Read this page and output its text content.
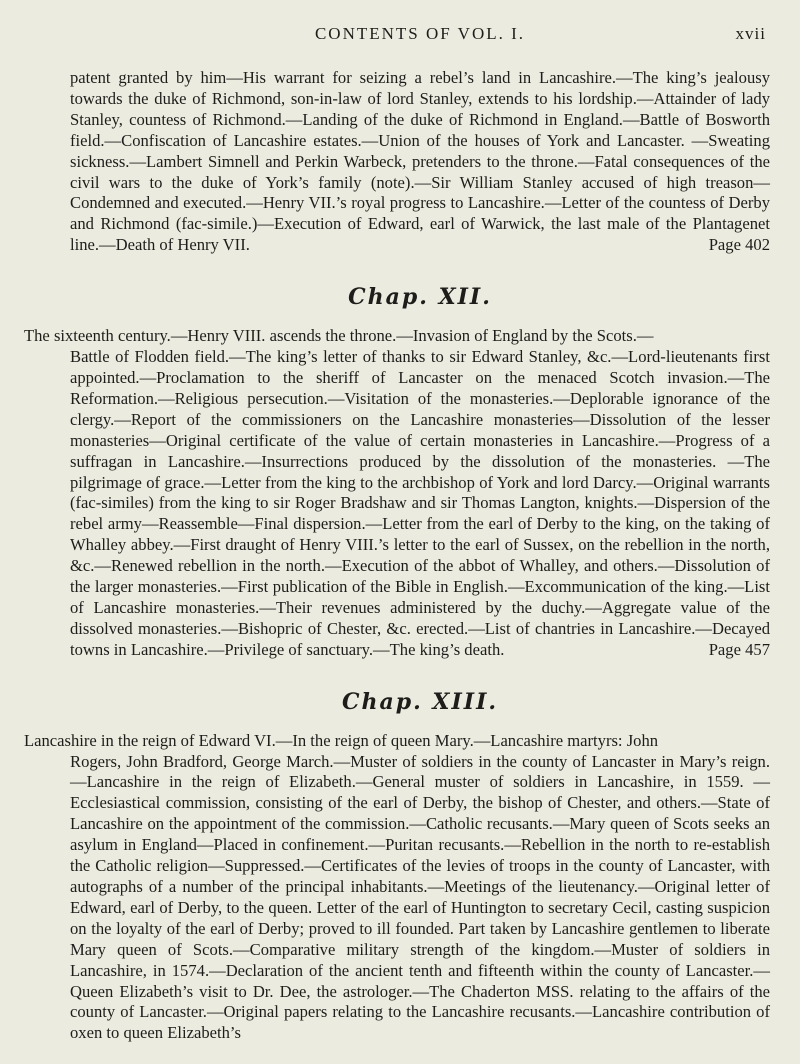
CONTENTS OF VOL. I.	xvii

patent granted by him—His warrant for seizing a rebel’s land in Lancashire.—The king’s jealousy towards the duke of Richmond, son-in-law of lord Stanley, extends to his lordship.—Attainder of lady Stanley, countess of Richmond.—Landing of the duke of Richmond in England.—Battle of Bosworth field.—Confiscation of Lancashire estates.—Union of the houses of York and Lancaster. —Sweating sickness.—Lambert Simnell and Perkin Warbeck, pretenders to the throne.—Fatal consequences of the civil wars to the duke of York’s family (note).—Sir William Stanley accused of high treason—Condemned and executed.—Henry VII.’s royal progress to Lancashire.—Letter of the countess of Derby and Richmond (fac-simile.)—Execution of Edward, earl of Warwick, the last male of the Plantagenet line.—Death of Henry VII.	Page 402

Chap. XII.

The sixteenth century.—Henry VIII. ascends the throne.—Invasion of England by the Scots.—
Battle of Flodden field.—The king’s letter of thanks to sir Edward Stanley, &c.—Lord-lieutenants first appointed.—Proclamation to the sheriff of Lancaster on the menaced Scotch invasion.—The Reformation.—Religious persecution.—Visitation of the monasteries.—Deplorable ignorance of the clergy.—Report of the commissioners on the Lancashire monasteries—Dissolution of the lesser monasteries—Original certificate of the value of certain monasteries in Lancashire.—Progress of a suffragan in Lancashire.—Insurrections produced by the dissolution of the monasteries. —The pilgrimage of grace.—Letter from the king to the archbishop of York and lord Darcy.—Original warrants (fac-similes) from the king to sir Roger Bradshaw and sir Thomas Langton, knights.—Dispersion of the rebel army—Reassemble—Final dispersion.—Letter from the earl of Derby to the king, on the taking of Whalley abbey.—First draught of Henry VIII.’s letter to the earl of Sussex, on the rebellion in the north, &c.—Renewed rebellion in the north.—Execution of the abbot of Whalley, and others.—Dissolution of the larger monasteries.—First publication of the Bible in English.—Excommunication of the king.—List of Lancashire monasteries.—Their revenues administered by the duchy.—Aggregate value of the dissolved monasteries.—Bishopric of Chester, &c. erected.—List of chantries in Lancashire.—Decayed towns in Lancashire.—Privilege of sanctuary.—The king’s death.	Page 457

Chap. XIII.

Lancashire in the reign of Edward VI.—In the reign of queen Mary.—Lancashire martyrs: John
Rogers, John Bradford, George March.—Muster of soldiers in the county of Lancaster in Mary’s reign.—Lancashire in the reign of Elizabeth.—General muster of soldiers in Lancashire, in 1559. —Ecclesiastical commission, consisting of the earl of Derby, the bishop of Chester, and others.—State of Lancashire on the appointment of the commission.—Catholic recusants.—Mary queen of Scots seeks an asylum in England—Placed in confinement.—Puritan recusants.—Rebellion in the north to re-establish the Catholic religion—Suppressed.—Certificates of the levies of troops in the county of Lancaster, with autographs of a number of the principal inhabitants.—Meetings of the lieutenancy.—Original letter of Edward, earl of Derby, to the queen. Letter of the earl of Huntington to secretary Cecil, casting suspicion on the loyalty of the earl of Derby; proved to ill founded. Part taken by Lancashire gentlemen to liberate Mary queen of Scots.—Comparative military strength of the kingdom.—Muster of soldiers in Lancashire, in 1574.—Declaration of the ancient tenth and fifteenth within the county of Lancaster.—Queen Elizabeth’s visit to Dr. Dee, the astrologer.—The Chaderton MSS. relating to the affairs of the county of Lancaster.—Original papers relating to the Lancashire recusants.—Lancashire contribution of oxen to queen Elizabeth’s
